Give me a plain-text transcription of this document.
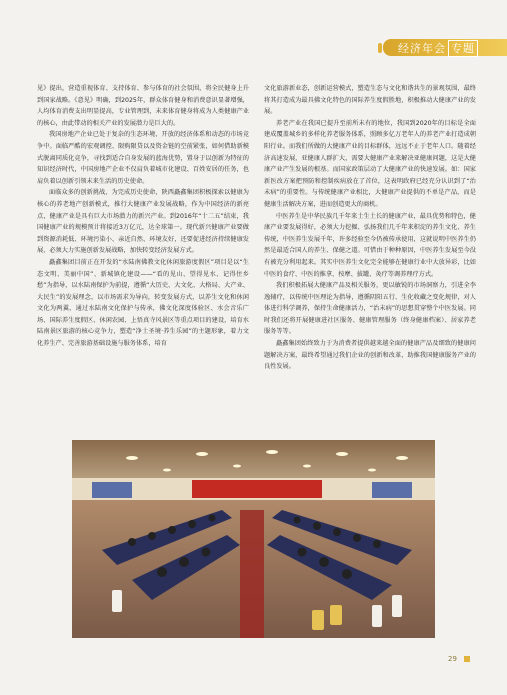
经济年会 专题

见》提出，营造重视体育、支持体育、参与体育的社会氛围，将全民健身上升到国家战略。《意见》明确，到2025年，群众体育健身和消费意识显著增强，人均体育消费支出明显提高，专业管理到，未来体育健身将成为人类健康产业的核心，由此带动的相关产业的发展潜力是巨大的。

我国房地产企业已处于复杂的生态环境、开放的经济体系和动态的市场竞争中。面临严酷的宏观调控、限购限贷以及资金链的空前紧张，如何借助新模式脱离同质化竞争，寻找到适合自身发展的蓝海优势，置身于以创新为特征的知识经济时代，中国房地产企业不仅肩负着城市化建设、百姓安居的任务，也肩负着以创新引领未来生活的历史使命。

面临众多的创新挑战，为完成历史使命，陕西矗鑫集团积极探索以健康为核心的养老地产创新模式，推行大健康产业发展战略，作为中国经济的新亮点，健康产业是具有巨大市场潜力的新兴产业。到2016年“十二五”结束，我国健康产业的规模预计将接近3万亿元，达全球第一。现代新兴健康产业要做到资源消耗低、环境污染小、亲近自然、环境友好，还要促进经济持续健康发展，必须大力实施创新发展战略，加快转变经济发展方式。

矗鑫集团目前正在开发的“水陆南佛教文化休闲旅游度假区”项目是以“生态文明、美丽中国”、新城镇化建设——“看的见山、望得见水、记得住乡愁”为指导，以水陆南保护为前提，遵循“大历史、大文化、大格局、大产业、大民生”的发展理念，以市场需求为导向，转变发展方式，以养生文化和休闲文化为两翼，通过水陆南文化保护与传承，佛文化深度体验区、水会音乐广场、国际养生度假区、休闲农园、上悟真寺风景区等重点项目的建设，培育水陆南景区旅游的核心竞争力，塑造“净土圣境·养生乐园”的主题形象，着力文化养生产、完善旅游基础设施与服务体系，培育

文化旅游新业态，创新运营模式，塑造生态与文化和谐共生的景观氛围，最终将其打造成为最具佛文化特色的国际养生度假胜地，积极推动大健康产业的发展。

养老产业在我国已提升至前所未有的地位，我国到2020年的目标是全面建成覆盖城乡的多样化养老服务体系，照顾多亿万老年人的养老产业打造成朝阳行业。而我们所做的大健康产业的目标群体，远远不止于老年人口。随着经济高速发展，亚健康人群扩大，需要大健康产业来解决亚健康问题，这是大健康产业产生发展的根基。而国家政策层动了大健康产业的快速发展。如：国家新医改方案把预防和控制疾病放在了首位，这表明政府已经充分认识到了“治未病”的重要性。与传统健康产业相比，大健康产业提供的不单是产品，而是健康生活解决方案，进而创造更大的商机。

中医养生是中华民族几千年来土生土长的健康产业，最具优势和特色，健康产业要发展得好，必须大力挖掘、弘扬我们几千年来积淀的养生文化、养生传统，中医养生发展千年，许多经验至今仍被传承使用，这就说明中医养生仍然是最适合国人的养生、保健之道。可惜由于种种原因，中医养生发展至今没有被充分利用起来。其实中医养生文化完全能够在健康行业中大放异彩，比如中医的食疗、中医的推拿、按摩、拔罐、灸疗等调养理疗方式。

我们积极拓展大健康产品及相关服务，更以敏锐的市场洞察力，引进全李逸辅疗，以传统中医理论为指导，遵循阴阳五行、生化收藏之变化规律，对人体进行科学调养，保持生命健康活力，“治未病”的思想贯穿整个中医发展。同时我们还将开展健康进社区服务、健康管理服务（终身健康档案）、居家养老服务等等。

矗鑫集团始终致力于为消费者提供越来越全面的健康产品及细致的健康问题解决方案，最终希望通过我们企业的创新和改革，助推我国健康服务产业的良性发展。

29
